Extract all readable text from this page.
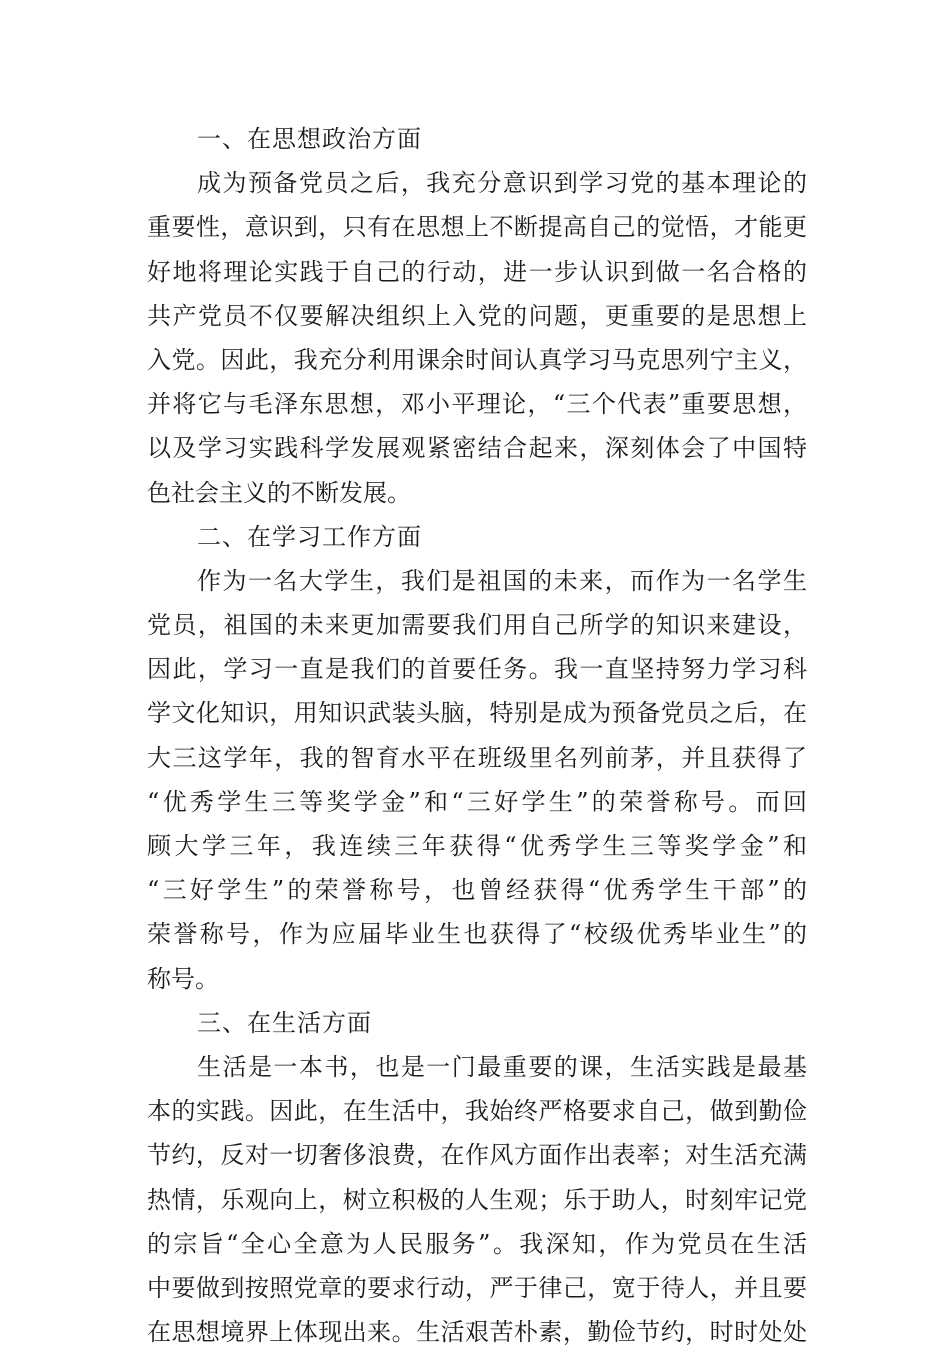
一、在思想政治方面
成为预备党员之后，我充分意识到学习党的基本理论的
重要性，意识到，只有在思想上不断提高自己的觉悟，才能更
好地将理论实践于自己的行动，进一步认识到做一名合格的
共产党员不仅要解决组织上入党的问题，更重要的是思想上
入党。因此，我充分利用课余时间认真学习马克思列宁主义，
并将它与毛泽东思想，邓小平理论，“三个代表”重要思想，
以及学习实践科学发展观紧密结合起来，深刻体会了中国特
色社会主义的不断发展。
二、在学习工作方面
作为一名大学生，我们是祖国的未来，而作为一名学生
党员，祖国的未来更加需要我们用自己所学的知识来建设，
因此，学习一直是我们的首要任务。我一直坚持努力学习科
学文化知识，用知识武装头脑，特别是成为预备党员之后，在
大三这学年，我的智育水平在班级里名列前茅，并且获得了
“优秀学生三等奖学金”和“三好学生”的荣誉称号。而回
顾大学三年，我连续三年获得“优秀学生三等奖学金”和
“三好学生”的荣誉称号，也曾经获得“优秀学生干部”的
荣誉称号，作为应届毕业生也获得了“校级优秀毕业生”的
称号。
三、在生活方面
生活是一本书，也是一门最重要的课，生活实践是最基
本的实践。因此，在生活中，我始终严格要求自己，做到勤俭
节约，反对一切奢侈浪费，在作风方面作出表率；对生活充满
热情，乐观向上，树立积极的人生观；乐于助人，时刻牢记党
的宗旨“全心全意为人民服务”。我深知，作为党员在生活
中要做到按照党章的要求行动，严于律己，宽于待人，并且要
在思想境界上体现出来。生活艰苦朴素，勤俭节约，时时处处
